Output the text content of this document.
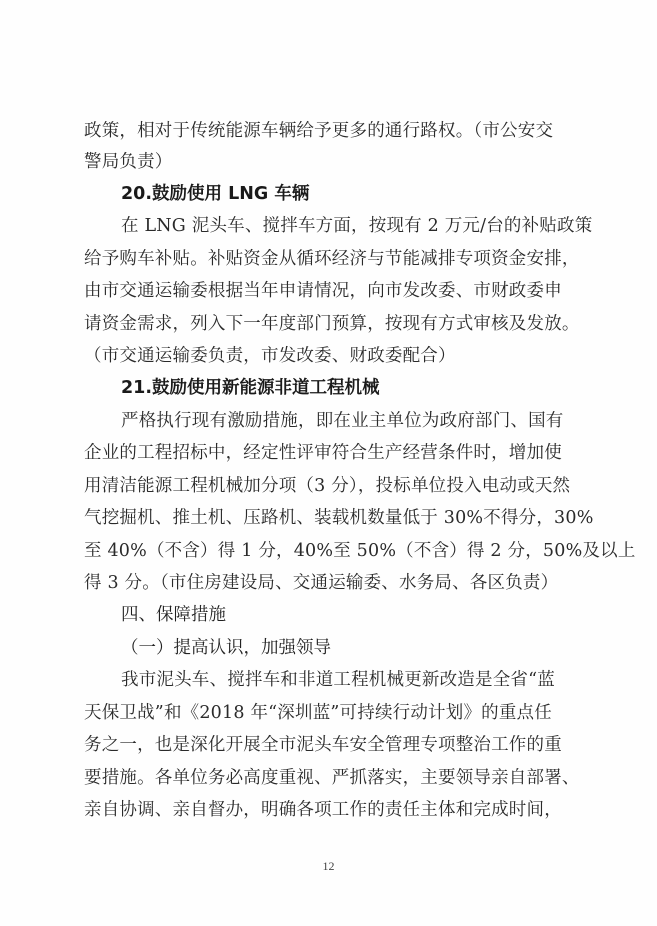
政策，相对于传统能源车辆给予更多的通行路权。（市公安交
警局负责）
20.鼓励使用 LNG 车辆
在 LNG 泥头车、搅拌车方面，按现有 2 万元/台的补贴政策
给予购车补贴。补贴资金从循环经济与节能减排专项资金安排，
由市交通运输委根据当年申请情况，向市发改委、市财政委申
请资金需求，列入下一年度部门预算，按现有方式审核及发放。
（市交通运输委负责，市发改委、财政委配合）
21.鼓励使用新能源非道工程机械
严格执行现有激励措施，即在业主单位为政府部门、国有
企业的工程招标中，经定性评审符合生产经营条件时，增加使
用清洁能源工程机械加分项（3 分），投标单位投入电动或天然
气挖掘机、推土机、压路机、装载机数量低于 30%不得分，30%
至 40%（不含）得 1 分，40%至 50%（不含）得 2 分，50%及以上
得 3 分。（市住房建设局、交通运输委、水务局、各区负责）
四、保障措施
（一）提高认识，加强领导
我市泥头车、搅拌车和非道工程机械更新改造是全省“蓝
天保卫战”和《2018 年“深圳蓝”可持续行动计划》的重点任
务之一，也是深化开展全市泥头车安全管理专项整治工作的重
要措施。各单位务必高度重视、严抓落实，主要领导亲自部署、
亲自协调、亲自督办，明确各项工作的责任主体和完成时间，
12
